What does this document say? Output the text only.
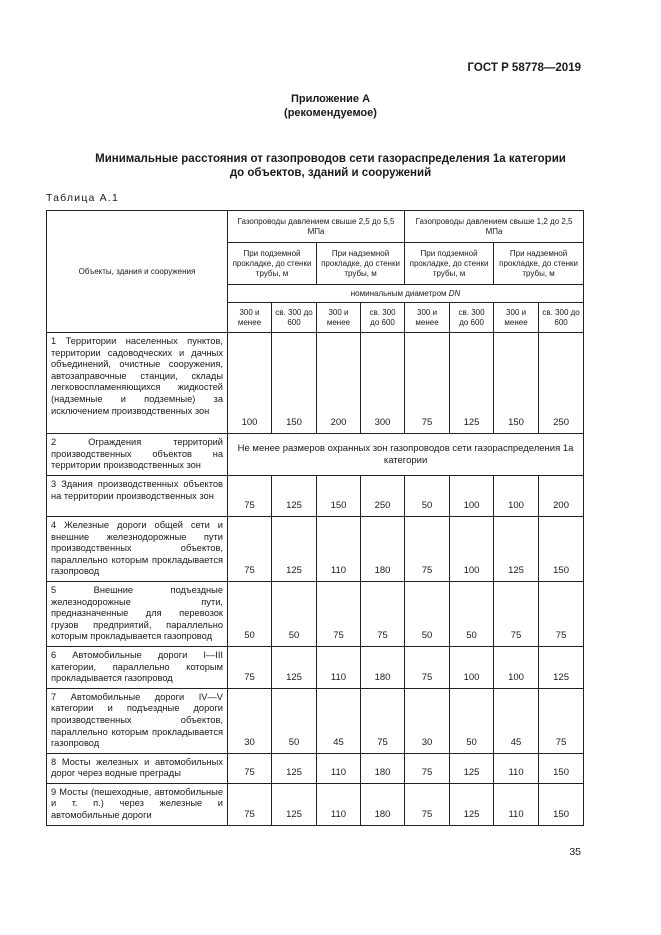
ГОСТ Р 58778—2019
Приложение А
(рекомендуемое)
Минимальные расстояния от газопроводов сети газораспределения 1а категории
до объектов, зданий и сооружений
Таблица А.1
Объекты, здания и сооружения	Газопроводы давлением свыше 2,5 до 5,5 МПа				Газопроводы давлением свыше 1,2 до 2,5 МПа			
	При подземной прокладке, до стенки трубы, м		При надземной прокладке, до стенки трубы, м		При подземной прокладке, до стенки трубы, м		При надземной прокладке, до стенки трубы, м	
	номинальным диаметром DN							
	300 и менее	св. 300 до 600	300 и менее	св. 300 до 600	300 и менее	св. 300 до 600	300 и менее	св. 300 до 600
1 Территории населенных пунктов, территории садоводческих и дачных объединений, очистные сооружения, автозаправочные станции, склады легковоспламеняющихся жидкостей (надземные и подземные) за исключением производственных зон	100	150	200	300	75	125	150	250
2 Ограждения территорий производственных объектов на территории производственных зон	Не менее размеров охранных зон газопроводов сети газораспределения 1а категории							
3 Здания производственных объектов на территории производственных зон	75	125	150	250	50	100	100	200
4 Железные дороги общей сети и внешние железнодорожные пути производственных объектов, параллельно которым прокладывается газопровод	75	125	110	180	75	100	125	150
5 Внешние подъездные железнодорожные пути, предназначенные для перевозок грузов предприятий, параллельно которым прокладывается газопровод	50	50	75	75	50	50	75	75
6 Автомобильные дороги I—III категории, параллельно которым прокладывается газопровод	75	125	110	180	75	100	100	125
7 Автомобильные дороги IV—V категории и подъездные дороги производственных объектов, параллельно которым прокладывается газопровод	30	50	45	75	30	50	45	75
8 Мосты железных и автомобильных дорог через водные преграды	75	125	110	180	75	125	110	150
9 Мосты (пешеходные, автомобильные и т. п.) через железные и автомобильные дороги	75	125	110	180	75	125	110	150
35
